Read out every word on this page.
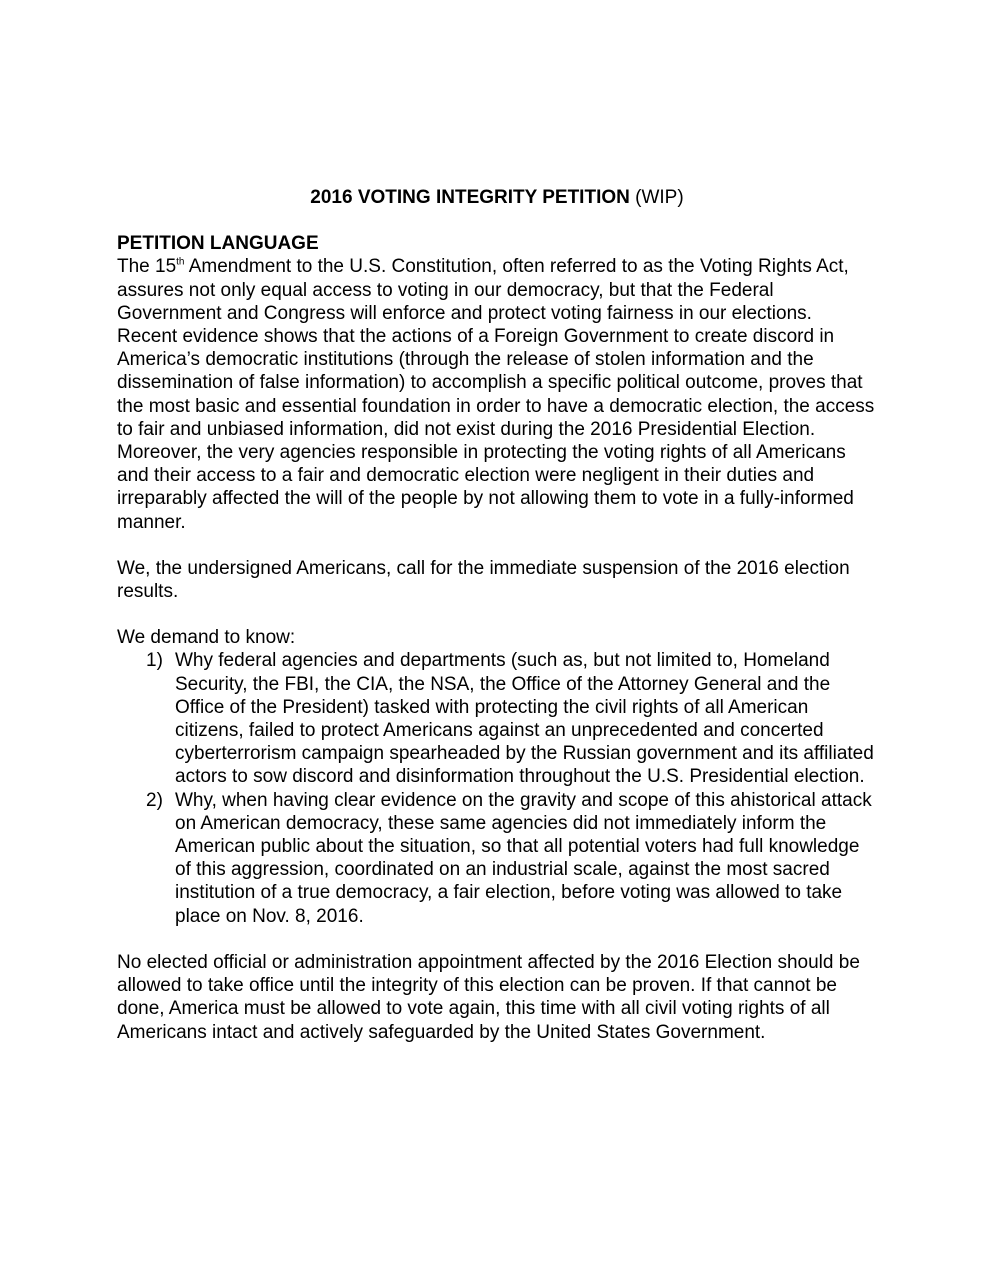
2016 VOTING INTEGRITY PETITION (WIP)
PETITION LANGUAGE

The 15th Amendment to the U.S. Constitution, often referred to as the Voting Rights Act, assures not only equal access to voting in our democracy, but that the Federal Government and Congress will enforce and protect voting fairness in our elections. Recent evidence shows that the actions of a Foreign Government to create discord in America’s democratic institutions (through the release of stolen information and the dissemination of false information) to accomplish a specific political outcome, proves that the most basic and essential foundation in order to have a democratic election, the access to fair and unbiased information, did not exist during the 2016 Presidential Election. Moreover, the very agencies responsible in protecting the voting rights of all Americans and their access to a fair and democratic election were negligent in their duties and irreparably affected the will of the people by not allowing them to vote in a fully-informed manner.

We, the undersigned Americans, call for the immediate suspension of the 2016 election results.

We demand to know:

1) Why federal agencies and departments (such as, but not limited to, Homeland Security, the FBI, the CIA, the NSA, the Office of the Attorney General and the Office of the President) tasked with protecting the civil rights of all American citizens, failed to protect Americans against an unprecedented and concerted cyberterrorism campaign spearheaded by the Russian government and its affiliated actors to sow discord and disinformation throughout the U.S. Presidential election.
2) Why, when having clear evidence on the gravity and scope of this ahistorical attack on American democracy, these same agencies did not immediately inform the American public about the situation, so that all potential voters had full knowledge of this aggression, coordinated on an industrial scale, against the most sacred institution of a true democracy, a fair election, before voting was allowed to take place on Nov. 8, 2016.

No elected official or administration appointment affected by the 2016 Election should be allowed to take office until the integrity of this election can be proven. If that cannot be done, America must be allowed to vote again, this time with all civil voting rights of all Americans intact and actively safeguarded by the United States Government.
